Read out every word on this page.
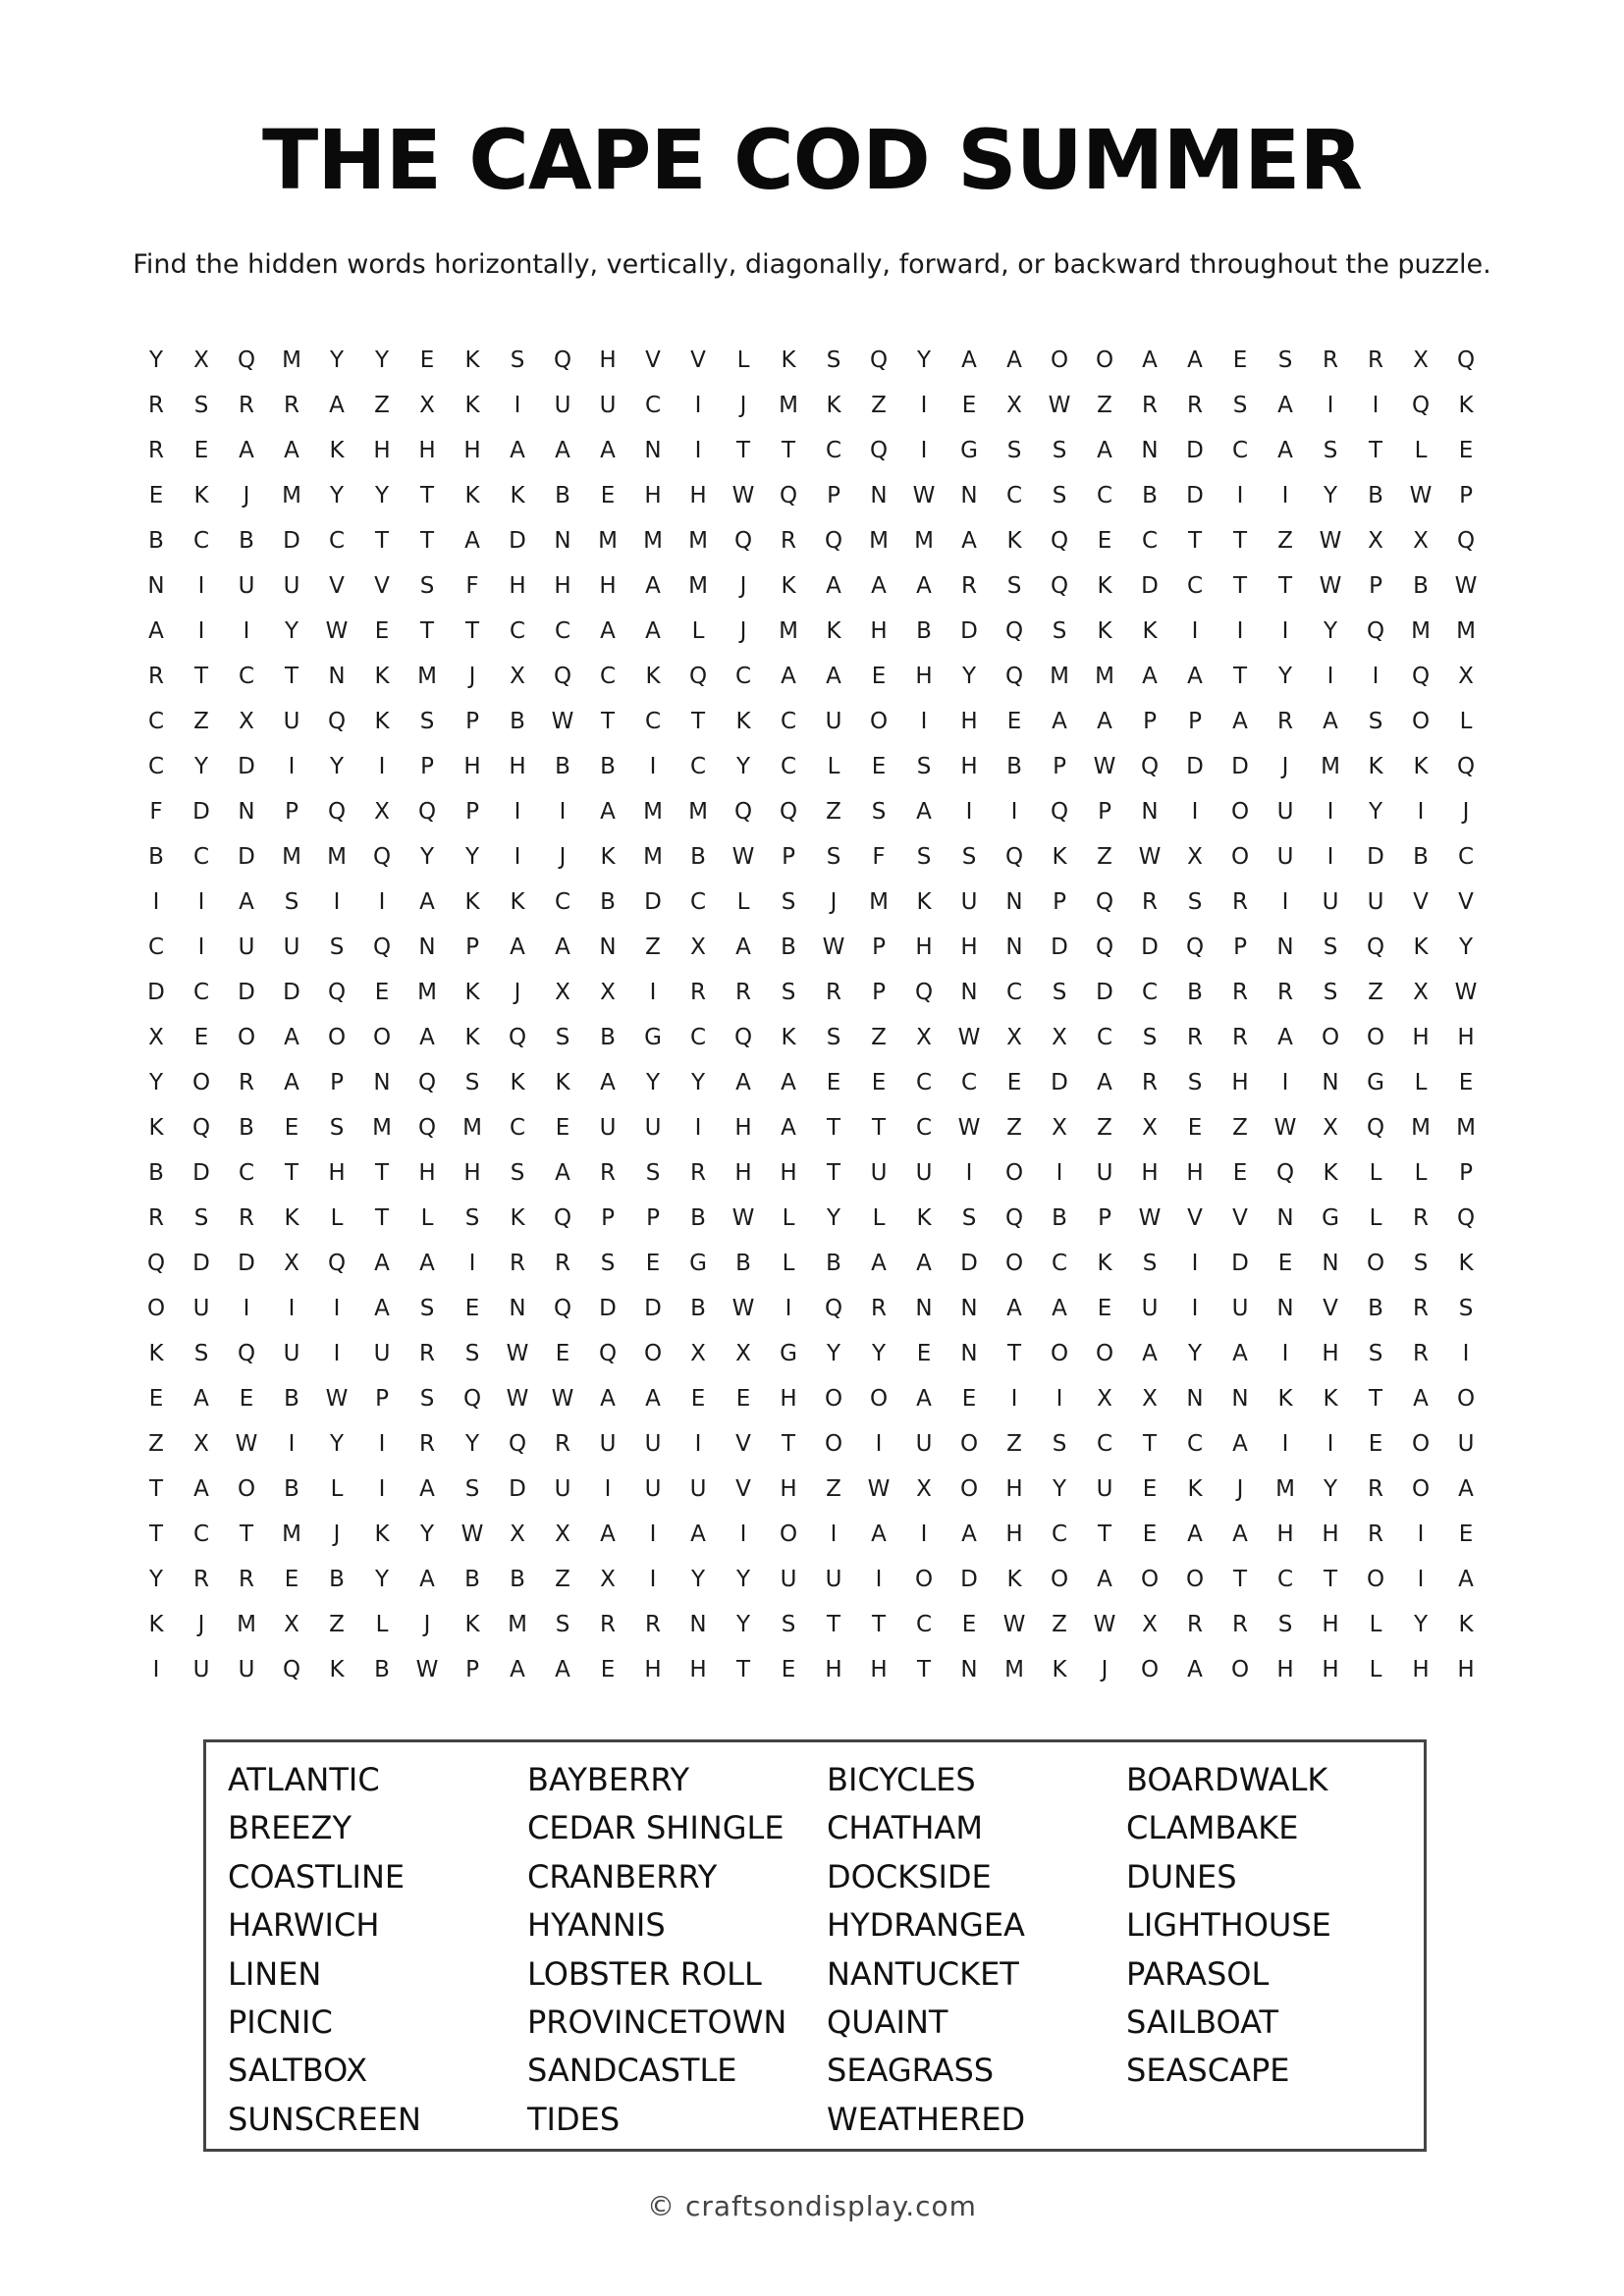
THE CAPE COD SUMMER

Find the hidden words horizontally, vertically, diagonally, forward, or backward throughout the puzzle.

Y	X	Q	M	Y	Y	E	K	S	Q	H	V	V	L	K	S	Q	Y	A	A	O	O	A	A	E	S	R	R	X	Q
R	S	R	R	A	Z	X	K	I	U	U	C	I	J	M	K	Z	I	E	X	W	Z	R	R	S	A	I	I	Q	K
R	E	A	A	K	H	H	H	A	A	A	N	I	T	T	C	Q	I	G	S	S	A	N	D	C	A	S	T	L	E
E	K	J	M	Y	Y	T	K	K	B	E	H	H	W	Q	P	N	W	N	C	S	C	B	D	I	I	Y	B	W	P
B	C	B	D	C	T	T	A	D	N	M	M	M	Q	R	Q	M	M	A	K	Q	E	C	T	T	Z	W	X	X	Q
N	I	U	U	V	V	S	F	H	H	H	A	M	J	K	A	A	A	R	S	Q	K	D	C	T	T	W	P	B	W
A	I	I	Y	W	E	T	T	C	C	A	A	L	J	M	K	H	B	D	Q	S	K	K	I	I	I	Y	Q	M	M
R	T	C	T	N	K	M	J	X	Q	C	K	Q	C	A	A	E	H	Y	Q	M	M	A	A	T	Y	I	I	Q	X
C	Z	X	U	Q	K	S	P	B	W	T	C	T	K	C	U	O	I	H	E	A	A	P	P	A	R	A	S	O	L
C	Y	D	I	Y	I	P	H	H	B	B	I	C	Y	C	L	E	S	H	B	P	W	Q	D	D	J	M	K	K	Q
F	D	N	P	Q	X	Q	P	I	I	A	M	M	Q	Q	Z	S	A	I	I	Q	P	N	I	O	U	I	Y	I	J
B	C	D	M	M	Q	Y	Y	I	J	K	M	B	W	P	S	F	S	S	Q	K	Z	W	X	O	U	I	D	B	C
I	I	A	S	I	I	A	K	K	C	B	D	C	L	S	J	M	K	U	N	P	Q	R	S	R	I	U	U	V	V
C	I	U	U	S	Q	N	P	A	A	N	Z	X	A	B	W	P	H	H	N	D	Q	D	Q	P	N	S	Q	K	Y
D	C	D	D	Q	E	M	K	J	X	X	I	R	R	S	R	P	Q	N	C	S	D	C	B	R	R	S	Z	X	W
X	E	O	A	O	O	A	K	Q	S	B	G	C	Q	K	S	Z	X	W	X	X	C	S	R	R	A	O	O	H	H
Y	O	R	A	P	N	Q	S	K	K	A	Y	Y	A	A	E	E	C	C	E	D	A	R	S	H	I	N	G	L	E
K	Q	B	E	S	M	Q	M	C	E	U	U	I	H	A	T	T	C	W	Z	X	Z	X	E	Z	W	X	Q	M	M
B	D	C	T	H	T	H	H	S	A	R	S	R	H	H	T	U	U	I	O	I	U	H	H	E	Q	K	L	L	P
R	S	R	K	L	T	L	S	K	Q	P	P	B	W	L	Y	L	K	S	Q	B	P	W	V	V	N	G	L	R	Q
Q	D	D	X	Q	A	A	I	R	R	S	E	G	B	L	B	A	A	D	O	C	K	S	I	D	E	N	O	S	K
O	U	I	I	I	A	S	E	N	Q	D	D	B	W	I	Q	R	N	N	A	A	E	U	I	U	N	V	B	R	S
K	S	Q	U	I	U	R	S	W	E	Q	O	X	X	G	Y	Y	E	N	T	O	O	A	Y	A	I	H	S	R	I
E	A	E	B	W	P	S	Q	W	W	A	A	E	E	H	O	O	A	E	I	I	X	X	N	N	K	K	T	A	O
Z	X	W	I	Y	I	R	Y	Q	R	U	U	I	V	T	O	I	U	O	Z	S	C	T	C	A	I	I	E	O	U
T	A	O	B	L	I	A	S	D	U	I	U	U	V	H	Z	W	X	O	H	Y	U	E	K	J	M	Y	R	O	A
T	C	T	M	J	K	Y	W	X	X	A	I	A	I	O	I	A	I	A	H	C	T	E	A	A	H	H	R	I	E
Y	R	R	E	B	Y	A	B	B	Z	X	I	Y	Y	U	U	I	O	D	K	O	A	O	O	T	C	T	O	I	A
K	J	M	X	Z	L	J	K	M	S	R	R	N	Y	S	T	T	C	E	W	Z	W	X	R	R	S	H	L	Y	K
I	U	U	Q	K	B	W	P	A	A	E	H	H	T	E	H	H	T	N	M	K	J	O	A	O	H	H	L	H	H
ATLANTIC	BAYBERRY	BICYCLES	BOARDWALK
BREEZY	CEDAR SHINGLE	CHATHAM	CLAMBAKE
COASTLINE	CRANBERRY	DOCKSIDE	DUNES
HARWICH	HYANNIS	HYDRANGEA	LIGHTHOUSE
LINEN	LOBSTER ROLL	NANTUCKET	PARASOL
PICNIC	PROVINCETOWN	QUAINT	SAILBOAT
SALTBOX	SANDCASTLE	SEAGRASS	SEASCAPE
SUNSCREEN	TIDES	WEATHERED
© craftsondisplay.com
